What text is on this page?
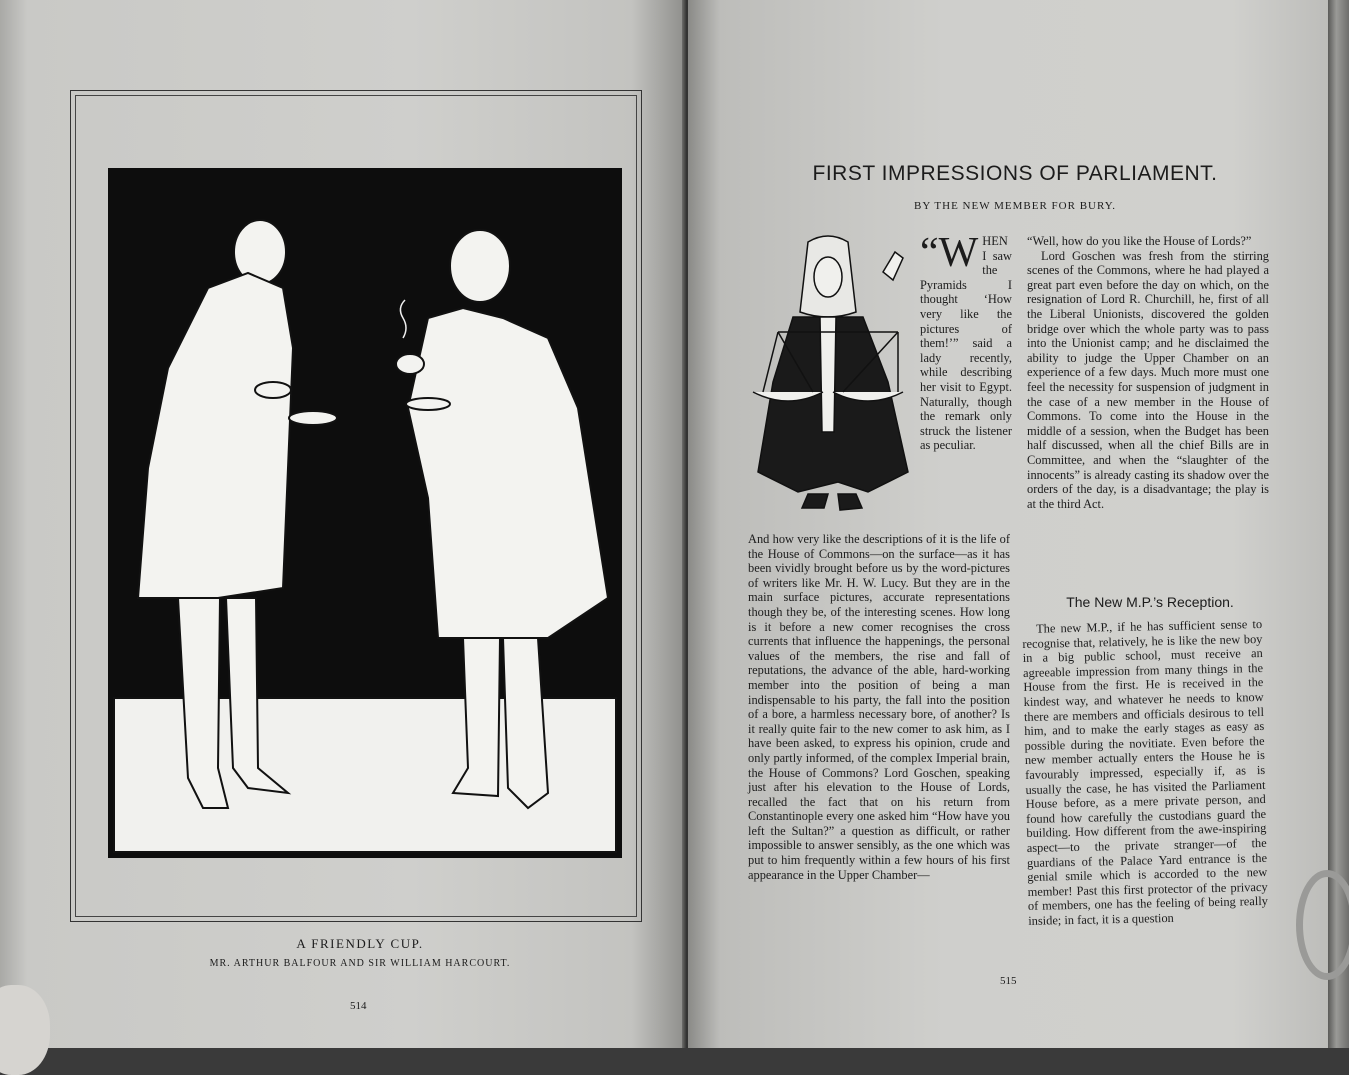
A FRIENDLY CUP.
MR. ARTHUR BALFOUR AND SIR WILLIAM HARCOURT.
514
FIRST IMPRESSIONS OF PARLIAMENT.
BY THE NEW MEMBER FOR BURY.
“W HEN I saw the Pyramids I thought ‘How very like the pictures of them!’” said a lady recently, while describing her visit to Egypt. Naturally, though the remark only struck the listener as peculiar.

And how very like the descriptions of it is the life of the House of Commons—on the surface—as it has been vividly brought before us by the word-pictures of writers like Mr. H. W. Lucy. But they are in the main surface pictures, accurate representations though they be, of the interesting scenes. How long is it before a new comer recognises the cross currents that influence the happenings, the personal values of the members, the rise and fall of reputations, the advance of the able, hard-working member into the position of being a man indispensable to his party, the fall into the position of a bore, a harmless necessary bore, of another? Is it really quite fair to the new comer to ask him, as I have been asked, to express his opinion, crude and only partly informed, of the complex Imperial brain, the House of Commons? Lord Goschen, speaking just after his elevation to the House of Lords, recalled the fact that on his return from Constantinople every one asked him “How have you left the Sultan?” a question as difficult, or rather impossible to answer sensibly, as the one which was put to him frequently within a few hours of his first appearance in the Upper Chamber—

“Well, how do you like the House of Lords?”

Lord Goschen was fresh from the stirring scenes of the Commons, where he had played a great part even before the day on which, on the resignation of Lord R. Churchill, he, first of all the Liberal Unionists, discovered the golden bridge over which the whole party was to pass into the Unionist camp; and he disclaimed the ability to judge the Upper Chamber on an experience of a few days. Much more must one feel the necessity for suspension of judgment in the case of a new member in the House of Commons. To come into the House in the middle of a session, when the Budget has been half discussed, when all the chief Bills are in Committee, and when the “slaughter of the innocents” is already casting its shadow over the orders of the day, is a disadvantage; the play is at the third Act.

The New M.P.’s Reception.

The new M.P., if he has sufficient sense to recognise that, relatively, he is like the new boy in a big public school, must receive an agreeable impression from many things in the House from the first. He is received in the kindest way, and whatever he needs to know there are members and officials desirous to tell him, and to make the early stages as easy as possible during the novitiate. Even before the new member actually enters the House he is favourably impressed, especially if, as is usually the case, he has visited the Parliament House before, as a mere private person, and found how carefully the custodians guard the building. How different from the awe-inspiring aspect—to the private stranger—of the guardians of the Palace Yard entrance is the genial smile which is accorded to the new member! Past this first protector of the privacy of members, one has the feeling of being really inside; in fact, it is a question

515
